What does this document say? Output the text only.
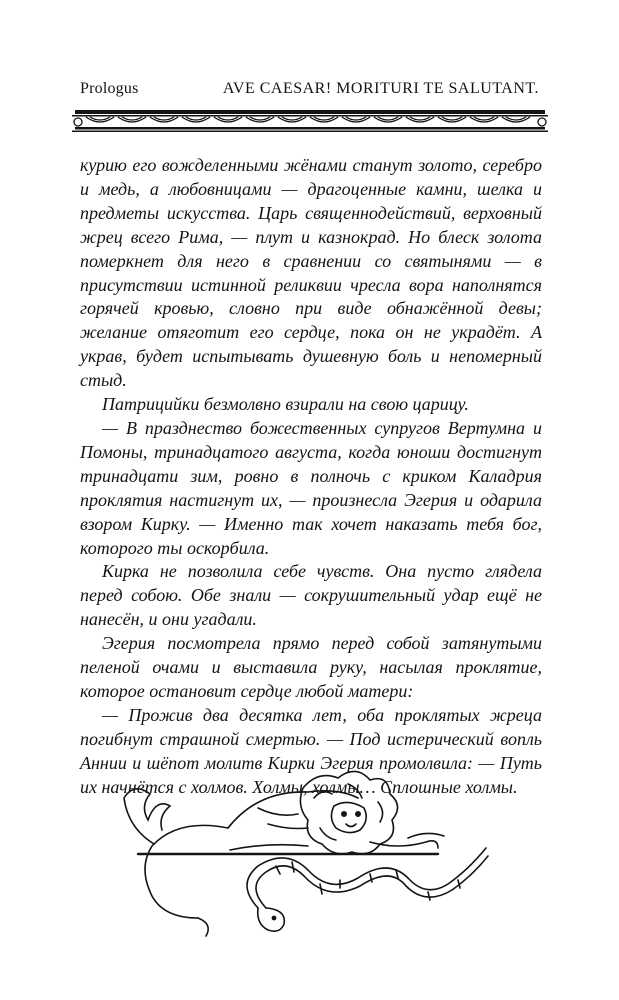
Prologus	AVE CAESAR! MORITURI TE SALUTANT.

курию его вожделенными жёнами станут золото, серебро и медь, а любовницами — драгоценные камни, шелка и предметы искусства. Царь священнодействий, верховный жрец всего Рима, — плут и казнокрад. Но блеск золота померкнет для него в сравнении со святынями — в присутствии истинной реликвии чресла вора наполнятся горячей кровью, словно при виде обнажённой девы; желание отяготит его сердце, пока он не украдёт. А украв, будет испытывать душевную боль и непомерный стыд.

Патрицийки безмолвно взирали на свою царицу.

— В празднество божественных супругов Вертумна и Помоны, тринадцатого августа, когда юноши достигнут тринадцати зим, ровно в полночь с криком Каладрия проклятия настигнут их, — произнесла Эгерия и одарила взором Кирку. — Именно так хочет наказать тебя бог, которого ты оскорбила.

Кирка не позволила себе чувств. Она пусто глядела перед собою. Обе знали — сокрушительный удар ещё не нанесён, и они угадали.

Эгерия посмотрела прямо перед собой затянутыми пеленой очами и выставила руку, насылая проклятие, которое остановит сердце любой матери:

— Прожив два десятка лет, оба проклятых жреца погибнут страшной смертью. — Под истерический вопль Аннии и шёпот молитв Кирки Эгерия промолвила: — Путь их начнётся с холмов. Холмы, холмы… Сплошные холмы.
